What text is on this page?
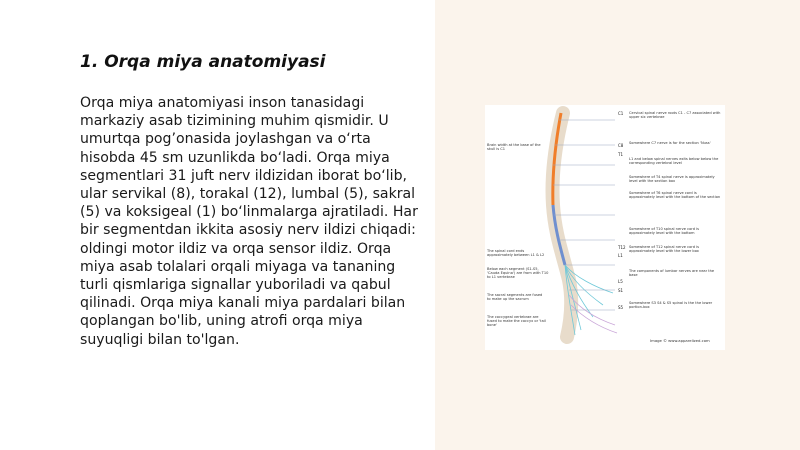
1. Orqa miya anatomiyasi

Orqa miya anatomiyasi inson tanasidagi markaziy asab tizimining muhim qismidir. U umurtqa pog’onasida joylashgan va o‘rta hisobda 45 sm uzunlikda bo‘ladi. Orqa miya segmentlari 31 juft nerv ildizidan iborat bo‘lib, ular servikal (8), torakal (12), lumbal (5), sakral (5) va koksigeal (1) bo‘linmalarga ajratiladi. Har bir segmentdan ikkita asosiy nerv ildizi chiqadi: oldingi motor ildiz va orqa sensor ildiz. Orqa miya asab tolalari orqali miyaga va tananing turli qismlariga signallar yuboriladi va qabul qilinadi. Orqa miya kanali miya pardalari bilan qoplangan bo'lib, uning atrofi orqa miya suyuqligi bilan to'lgan.

Brain width at the base of the skull is C1
The spinal cord ends approximately between L1 & L2
Below each segment (S1-S5, 'Cauda Equina') are from with T10 to L1 vertebrae
The sacral segments are fused to make up the sacrum
The coccygeal vertebrae are fused to make the coccyx or 'tail bone'
C1
C8
T1
T12
L1
L5
S1
S5
Cervical spinal nerve roots C1 - C7 associated with upper six vertebrae
Somewhere C7 nerve is for the section 'Nuss'
L1 and below spinal nerves exits below below the corresponding vertebral level
Somewhere of T4 spinal nerve is approximately level with the section box
Somewhere of T6 spinal nerve cord is approximately level with the bottom of the section
Somewhere of T10 spinal nerve cord is approximately level with the bottom
Somewhere of T12 spinal nerve cord is approximately level with the lower box
The components of lumbar nerves are near the base
Somewhere S3 S4 & S5 spinal is the the lower portion-box
Image © www.apparelized.com
